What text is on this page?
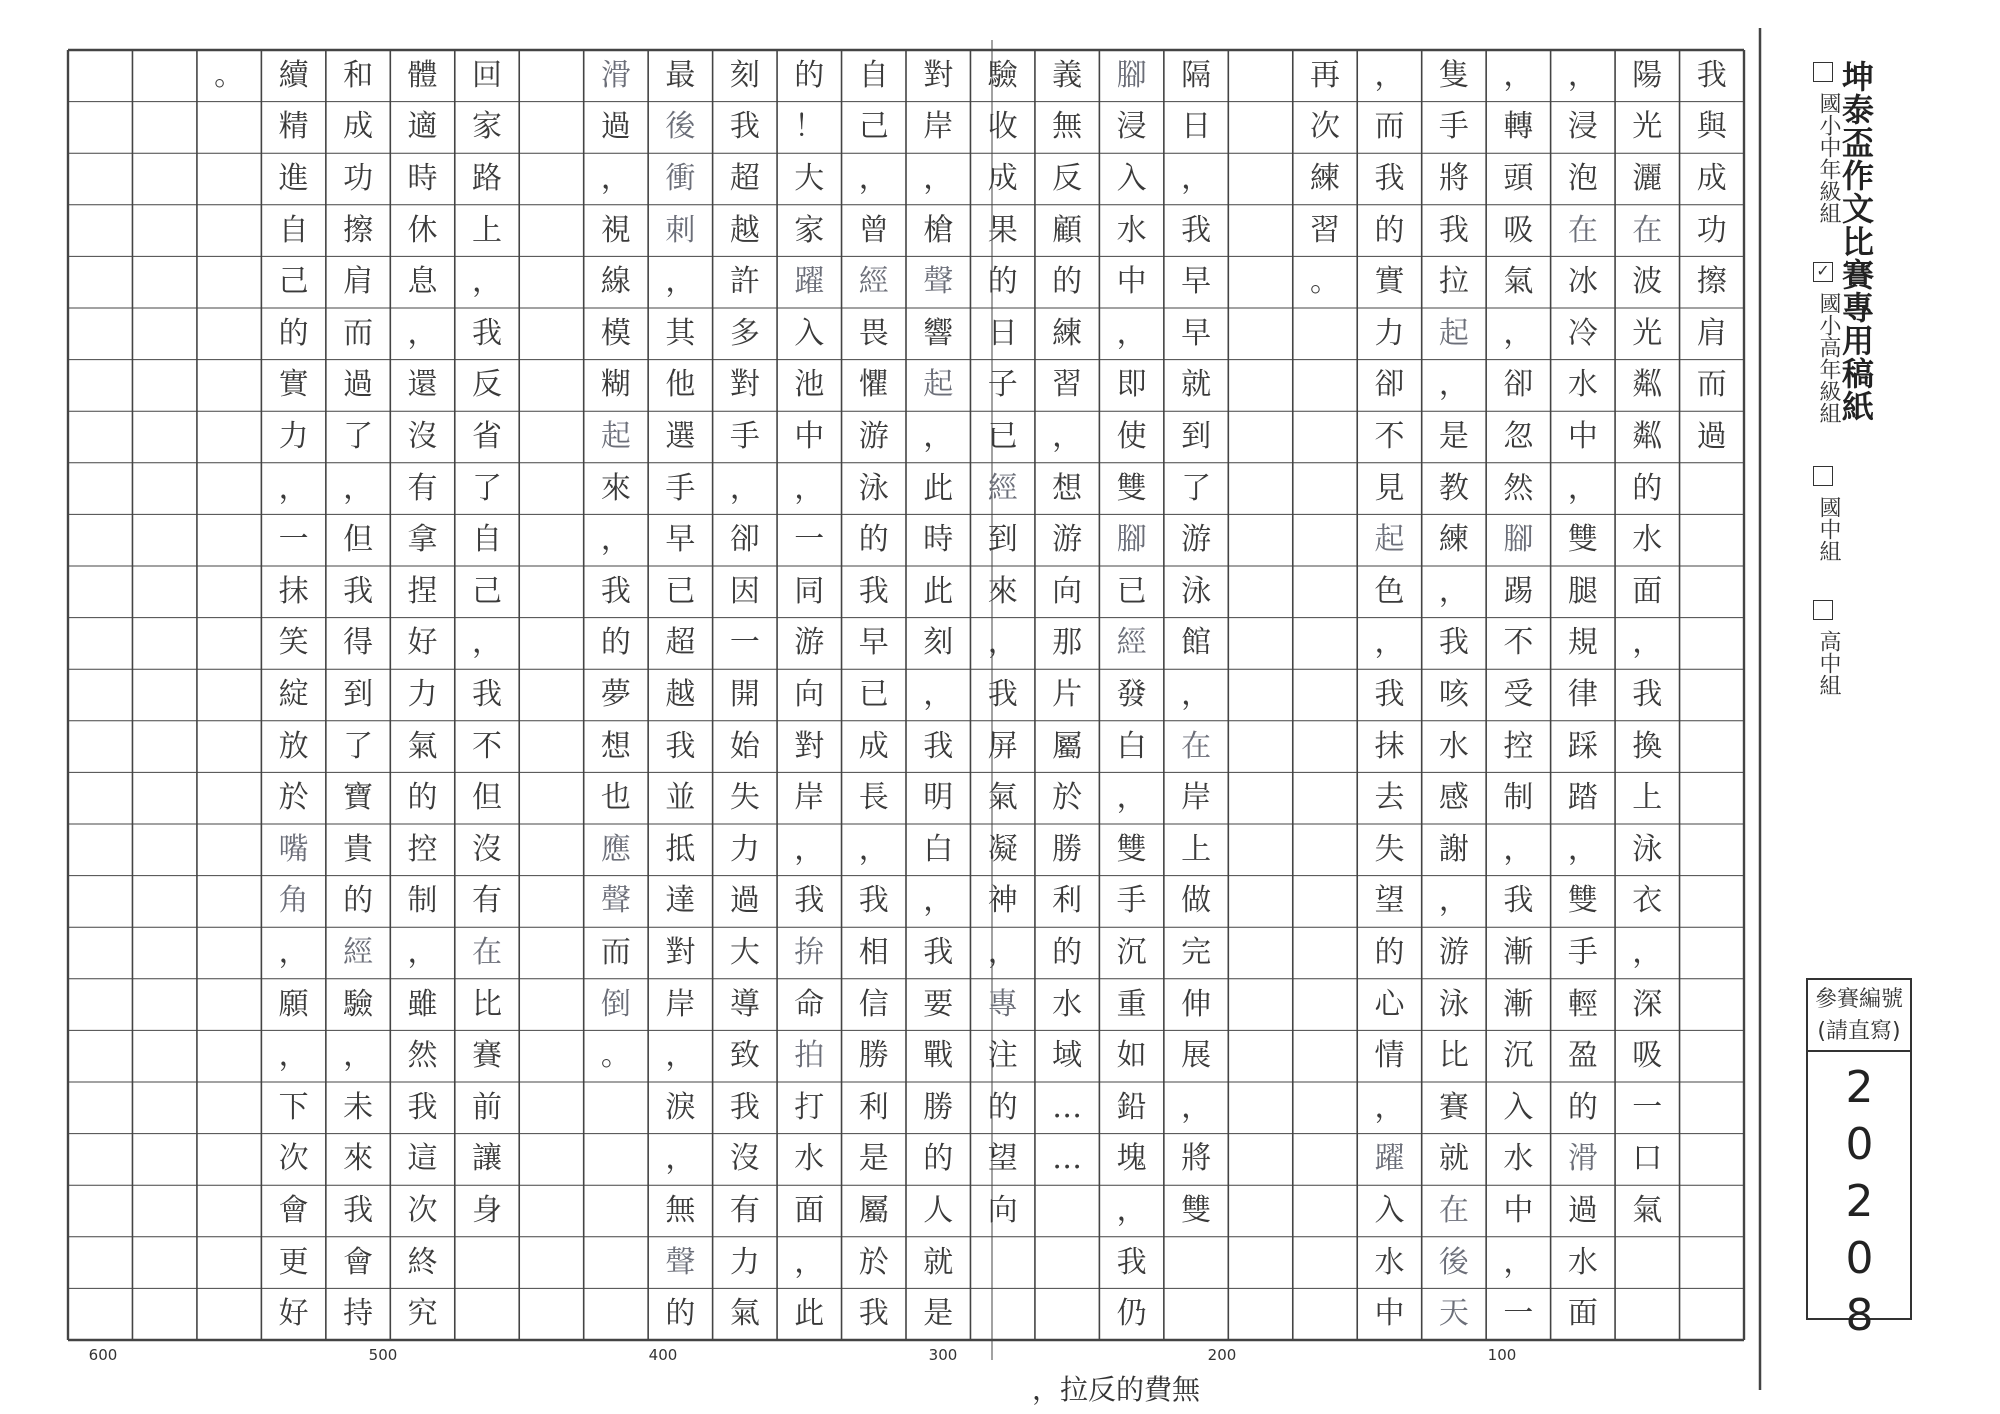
我
與
成
功
擦
肩
而
過
陽
光
灑
在
波
光
粼
粼
的
水
面
，
我
換
上
泳
衣
，
深
吸
一
口
氣
，
浸
泡
在
冰
冷
水
中
，
雙
腿
規
律
踩
踏
，
雙
手
輕
盈
的
滑
過
水
面
，
轉
頭
吸
氣
，
卻
忽
然
腳
踢
不
受
控
制
，
我
漸
漸
沉
入
水
中
，
一
隻
手
將
我
拉
起
，
是
教
練
，
我
咳
水
感
謝
，
游
泳
比
賽
就
在
後
天
，
而
我
的
實
力
卻
不
見
起
色
，
我
抹
去
失
望
的
心
情
，
躍
入
水
中
再
次
練
習
。
隔
日
，
我
早
早
就
到
了
游
泳
館
，
在
岸
上
做
完
伸
展
，
將
雙
腳
浸
入
水
中
，
即
使
雙
腳
已
經
發
白
，
雙
手
沉
重
如
鉛
塊
，
我
仍
義
無
反
顧
的
練
習
，
想
游
向
那
片
屬
於
勝
利
的
水
域
…
…
驗
收
成
果
的
日
子
已
經
到
來
，
我
屏
氣
凝
神
，
專
注
的
望
向
對
岸
，
槍
聲
響
起
，
此
時
此
刻
，
我
明
白
，
我
要
戰
勝
的
人
就
是
自
己
，
曾
經
畏
懼
游
泳
的
我
早
已
成
長
，
我
相
信
勝
利
是
屬
於
我
的
！
大
家
躍
入
池
中
，
一
同
游
向
對
岸
，
我
拚
命
拍
打
水
面
，
此
刻
我
超
越
許
多
對
手
，
卻
因
一
開
始
失
力
過
大
導
致
我
沒
有
力
氣
最
後
衝
刺
，
其
他
選
手
早
已
超
越
我
並
抵
達
對
岸
，
淚
，
無
聲
的
滑
過
，
視
線
模
糊
起
來
，
我
的
夢
想
也
應
聲
而
倒
。
回
家
路
上
，
我
反
省
了
自
己
，
我
不
但
沒
有
在
比
賽
前
讓
身
體
適
時
休
息
，
還
沒
有
拿
捏
好
力
氣
的
控
制
，
雖
然
我
這
次
終
究
和
成
功
擦
肩
而
過
了
，
但
我
得
到
了
寶
貴
的
經
驗
，
未
來
我
會
持
續
精
進
自
己
的
實
力
，
一
抹
笑
綻
放
於
嘴
角
，
願
，
下
次
會
更
好
。	坤泰盃作文比賽專用稿紙
國小中年級組
✓
國小高年級組
國中組
高中組
參賽編號
(請直寫)
20208
600	500	400	300	200	100
，拉反的費無
